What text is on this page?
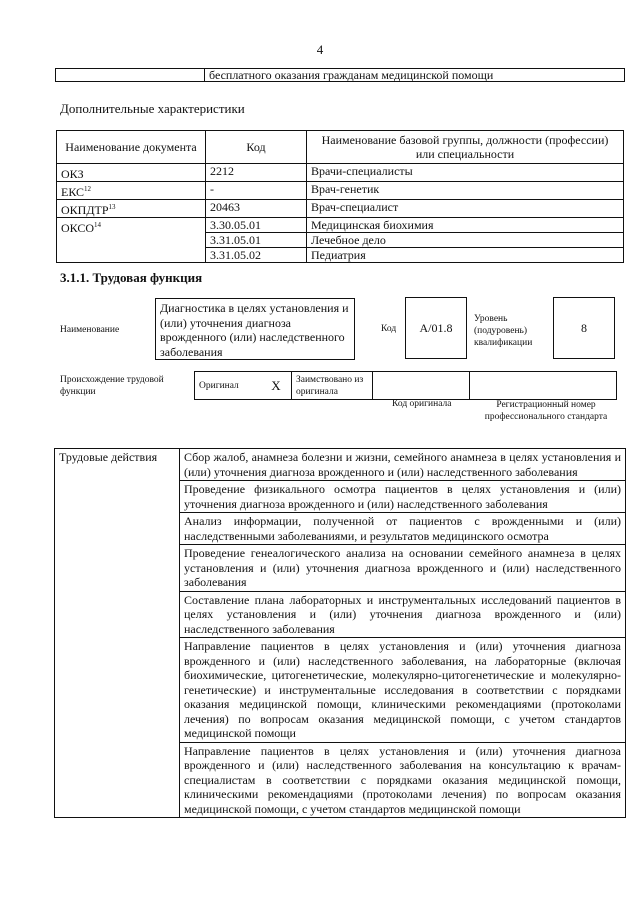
4
	бесплатного оказания гражданам медицинской помощи
Дополнительные характеристики
Наименование документа	Код	Наименование базовой группы, должности (профессии) или специальности
ОКЗ	2212	Врачи-специалисты
ЕКС$^{12}$	-	Врач-генетик
ОКПДТР$^{13}$	20463	Врач-специалист
ОКСО$^{14}$	3.30.05.01	Медицинская биохимия
	3.31.05.01	Лечебное дело
	3.31.05.02	Педиатрия
3.1.1. Трудовая функция
Наименование
Диагностика в целях установления и (или) уточнения диагноза врожденного (или) наследственного заболевания
Код	A/01.8
Уровень (подуровень) квалификации
8
Происхождение трудовой функции
Оригинал	X	Заимствовано из оригинала		
Код оригинала	Регистрационный номер профессионального стандарта
Трудовые действия	Сбор жалоб, анамнеза болезни и жизни, семейного анамнеза в целях установления и (или) уточнения диагноза врожденного и (или) наследственного заболевания
Проведение физикального осмотра пациентов в целях установления и (или) уточнения диагноза врожденного и (или) наследственного заболевания
Анализ информации, полученной от пациентов с врожденными и (или) наследственными заболеваниями, и результатов медицинского осмотра
Проведение генеалогического анализа на основании семейного анамнеза в целях установления и (или) уточнения диагноза врожденного и (или) наследственного заболевания
Составление плана лабораторных и инструментальных исследований пациентов в целях установления и (или) уточнения диагноза врожденного и (или) наследственного заболевания
Направление пациентов в целях установления и (или) уточнения диагноза врожденного и (или) наследственного заболевания, на лабораторные (включая биохимические, цитогенетические, молекулярно-цитогенетические и молекулярно-генетические) и инструментальные исследования в соответствии с порядками оказания медицинской помощи, клиническими рекомендациями (протоколами лечения) по вопросам оказания медицинской помощи, с учетом стандартов медицинской помощи
Направление пациентов в целях установления и (или) уточнения диагноза врожденного и (или) наследственного заболевания на консультацию к врачам-специалистам в соответствии с порядками оказания медицинской помощи, клиническими рекомендациями (протоколами лечения) по вопросам оказания медицинской помощи, с учетом стандартов медицинской помощи
